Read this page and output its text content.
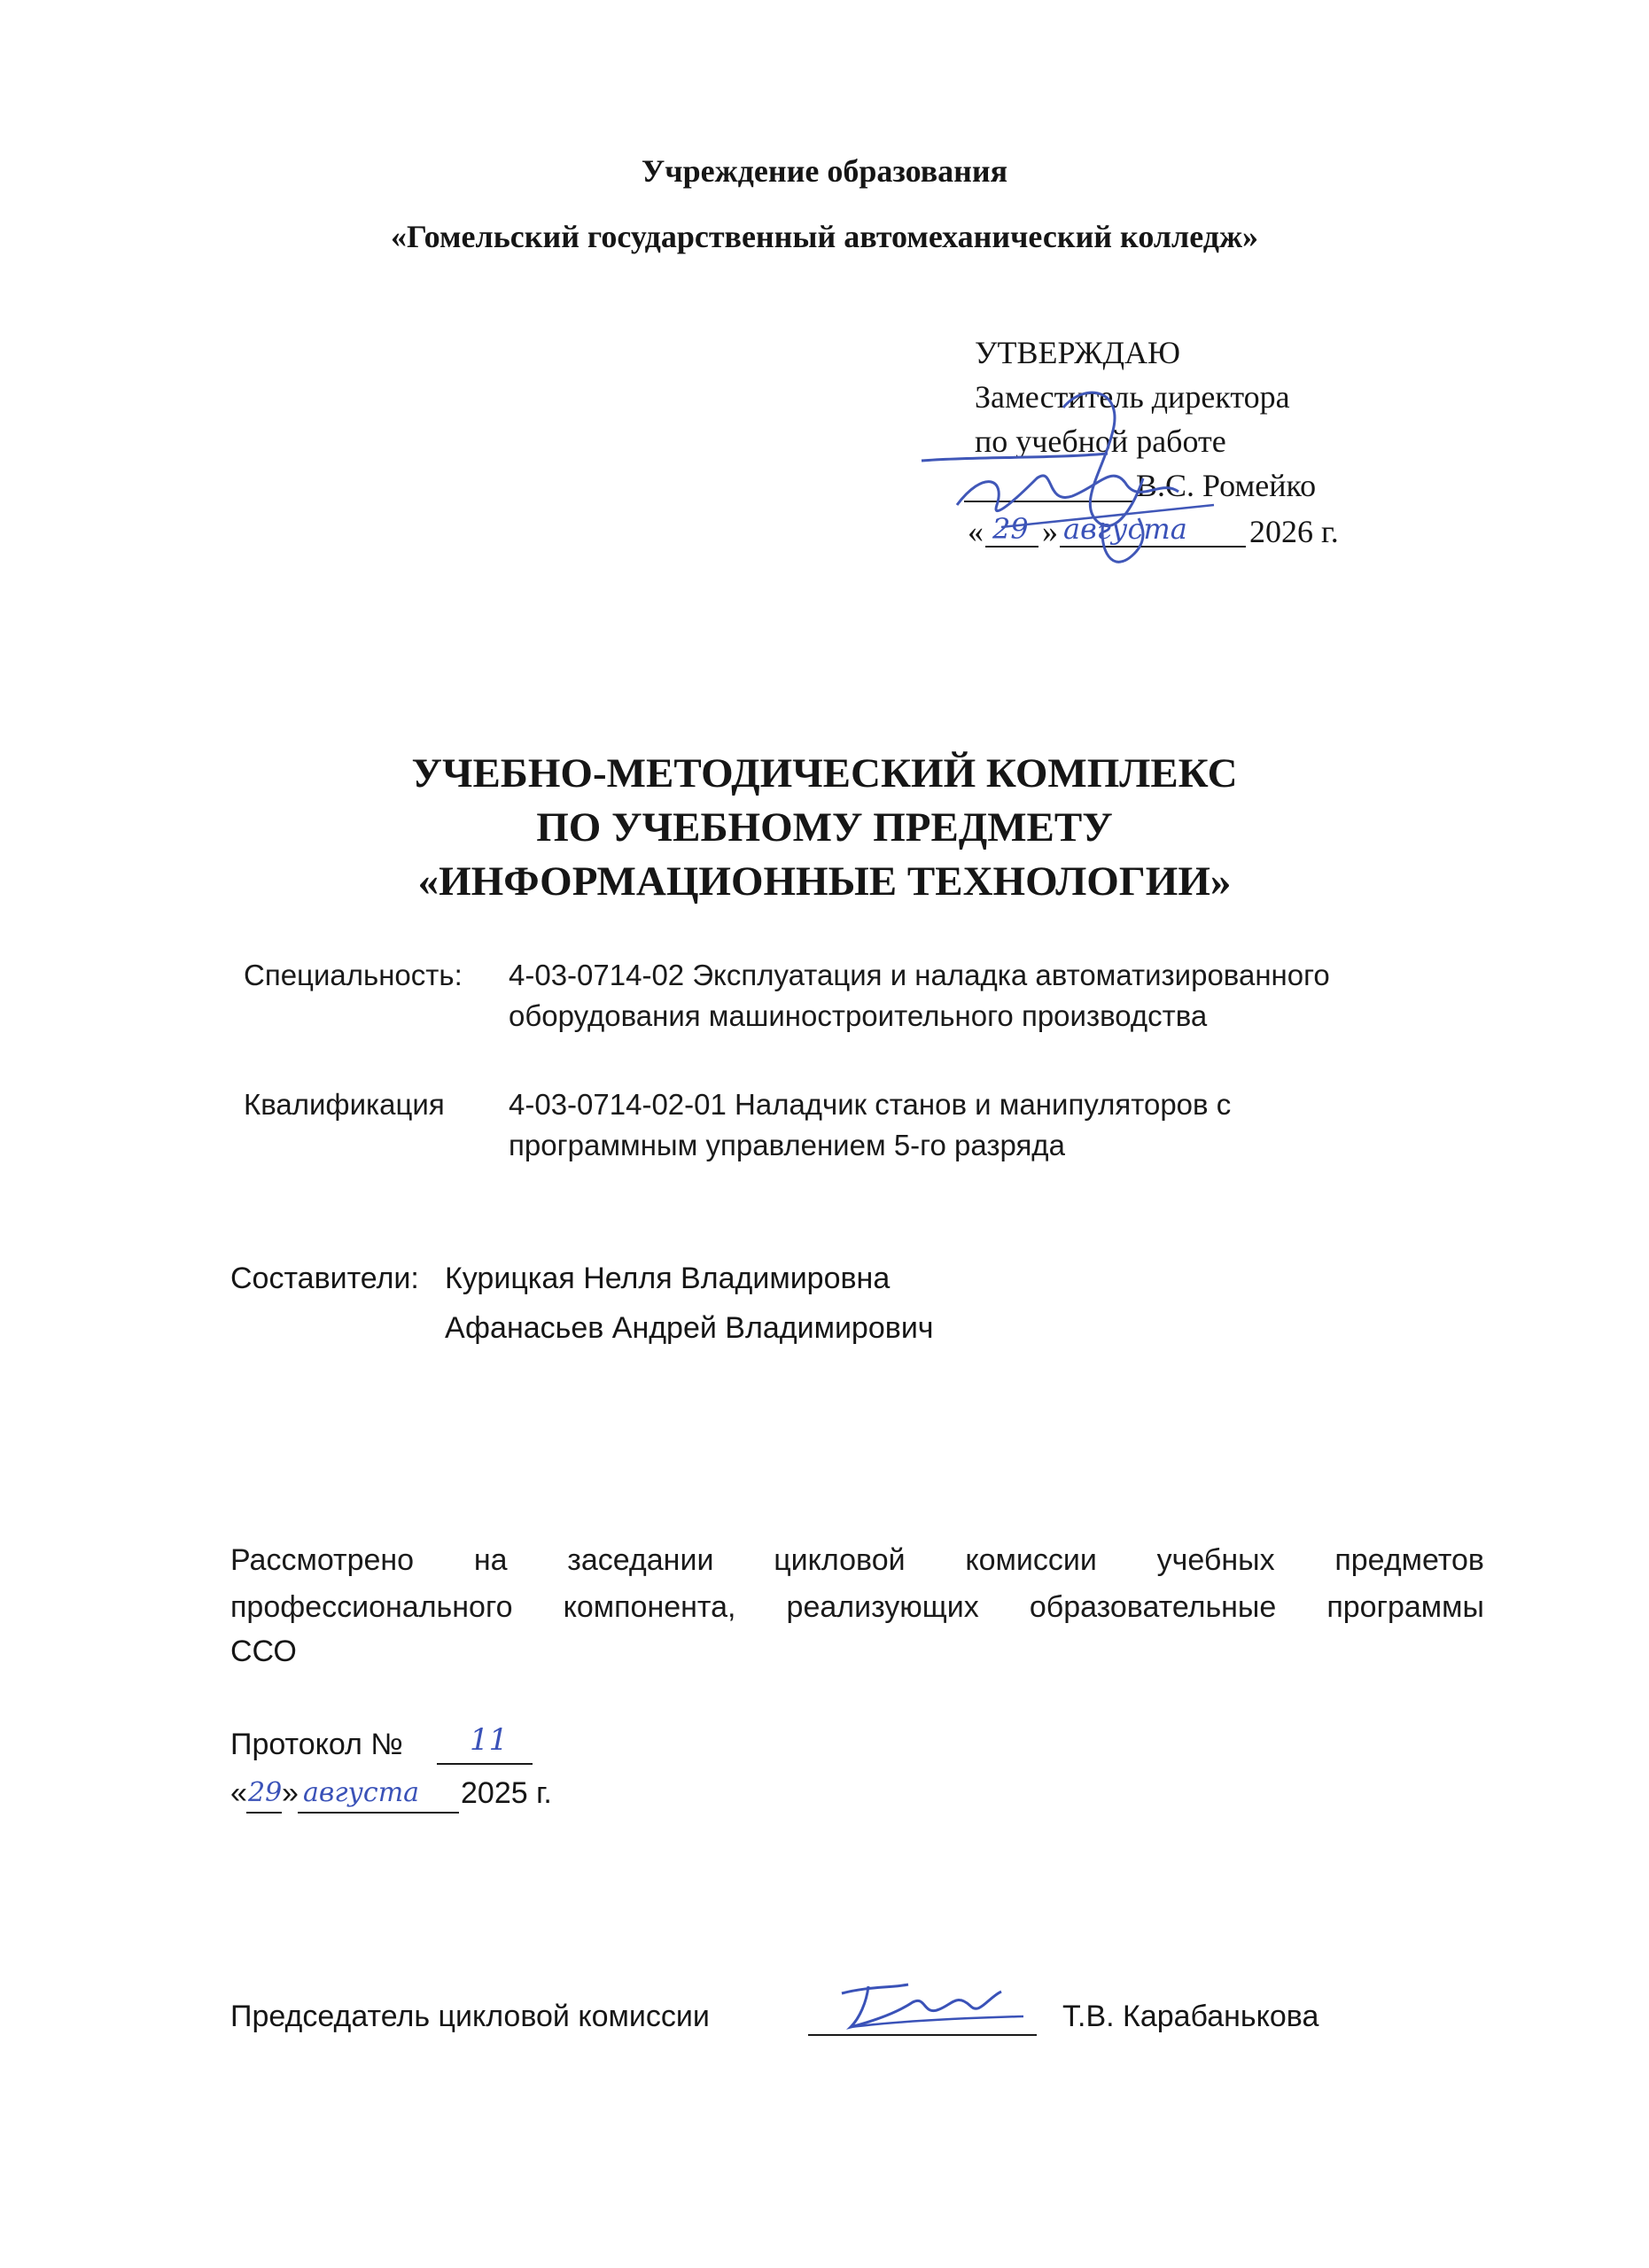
Учреждение образования
«Гомельский государственный автомеханический колледж»
УТВЕРЖДАЮ
Заместитель директора
по учебной работе
В.С. Ромейко
« 29 » августа 2026 г.
УЧЕБНО-МЕТОДИЧЕСКИЙ КОМПЛЕКС
ПО УЧЕБНОМУ ПРЕДМЕТУ
«ИНФОРМАЦИОННЫЕ ТЕХНОЛОГИИ»
Специальность: 4-03-0714-02 Эксплуатация и наладка автоматизированного
оборудования машиностроительного производства
Квалификация 4-03-0714-02-01 Наладчик станов и манипуляторов с
программным управлением 5-го разряда
Составители: Курицкая Нелля Владимировна
Афанасьев Андрей Владимирович
Рассмотрено на заседании цикловой комиссии учебных предметов
профессионального компонента, реализующих образовательные программы
ССО
Протокол № 11
« 29 » августа 2025 г.
Председатель цикловой комиссии	Т.В. Карабанькова
